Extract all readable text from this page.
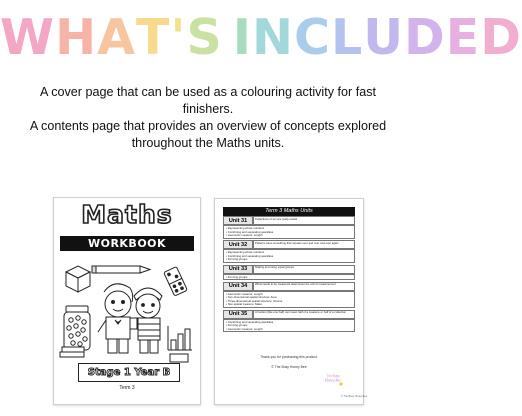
WHAT'S INCLUDED

A cover page that can be used as a colouring activity for fast finishers.

A contents page that provides an overview of concepts explored throughout the Maths units.

Maths
WORKBOOK
Stage 1 Year B
Term 3
Term 3 Maths Units
Unit 31	Collections of ten are really useful
• Representing whole numbers
• Combining and separating quantities
• Geometric measure: Length
Unit 32	Patterns have something that repeats over and over and over again
• Representing whole numbers
• Combining and separating quantities
• Forming groups
Unit 33	Making and using equal groups
• Forming groups
Unit 34	What needs to be measured determines the unit of measurement
• Geometric measure: Length
• Two-dimensional spatial structure: Area
• Three-dimensional spatial structure: Volume
• Non-spatial measure: Mass
Unit 35	A fraction (like one half) can mean half of a measure or half of a collection
• Combining and separating quantities
• Forming groups
• Geometric measure: Length
Thank you for purchasing this product.
© The Busy Honey Bee
The Busy
Honey Bee
© The Busy Honey Bee
